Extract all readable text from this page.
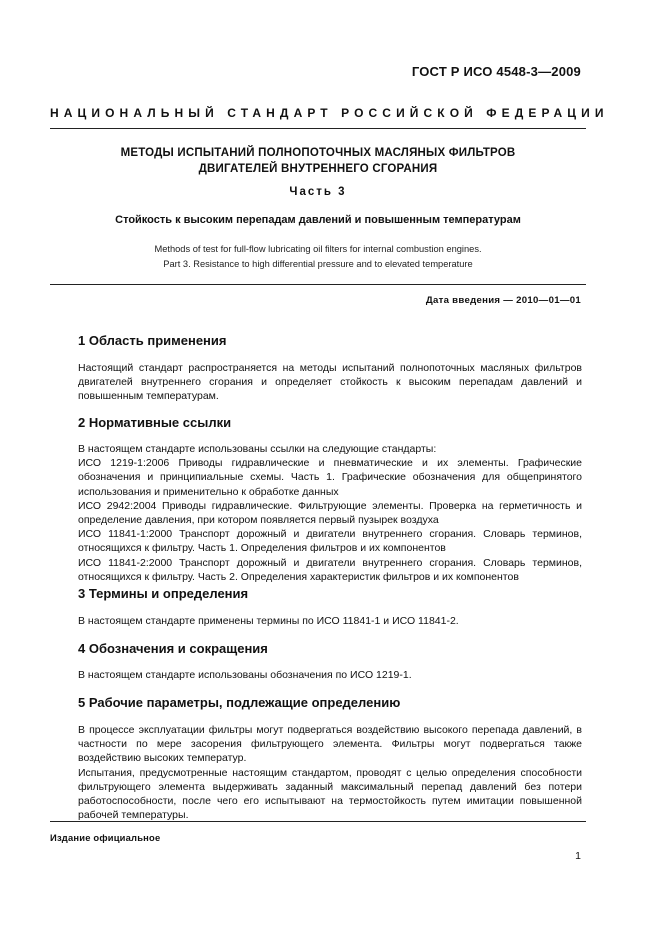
ГОСТ Р ИСО 4548-3—2009
НАЦИОНАЛЬНЫЙ СТАНДАРТ РОССИЙСКОЙ ФЕДЕРАЦИИ
МЕТОДЫ ИСПЫТАНИЙ ПОЛНОПОТОЧНЫХ МАСЛЯНЫХ ФИЛЬТРОВ
ДВИГАТЕЛЕЙ ВНУТРЕННЕГО СГОРАНИЯ
Часть 3
Стойкость к высоким перепадам давлений и повышенным температурам
Methods of test for full-flow lubricating oil filters for internal combustion engines.
Part 3. Resistance to high differential pressure and to elevated temperature
Дата введения — 2010—01—01
1 Область применения

Настоящий стандарт распространяется на методы испытаний полнопоточных масляных фильтров двигателей внутреннего сгорания и определяет стойкость к высоким перепадам давлений и повышенным температурам.

2 Нормативные ссылки

В настоящем стандарте использованы ссылки на следующие стандарты:

ИСО 1219-1:2006 Приводы гидравлические и пневматические и их элементы. Графические обозначения и принципиальные схемы. Часть 1. Графические обозначения для общепринятого использования и применительно к обработке данных

ИСО 2942:2004 Приводы гидравлические. Фильтрующие элементы. Проверка на герметичность и определение давления, при котором появляется первый пузырек воздуха

ИСО 11841-1:2000 Транспорт дорожный и двигатели внутреннего сгорания. Словарь терминов, относящихся к фильтру. Часть 1. Определения фильтров и их компонентов

ИСО 11841-2:2000 Транспорт дорожный и двигатели внутреннего сгорания. Словарь терминов, относящихся к фильтру. Часть 2. Определения характеристик фильтров и их компонентов

3 Термины и определения

В настоящем стандарте применены термины по ИСО 11841-1 и ИСО 11841-2.

4 Обозначения и сокращения

В настоящем стандарте использованы обозначения по ИСО 1219-1.

5 Рабочие параметры, подлежащие определению

В процессе эксплуатации фильтры могут подвергаться воздействию высокого перепада давлений, в частности по мере засорения фильтрующего элемента. Фильтры могут подвергаться также воздействию высоких температур.

Испытания, предусмотренные настоящим стандартом, проводят с целью определения способности фильтрующего элемента выдерживать заданный максимальный перепад давлений без потери работоспособности, после чего его испытывают на термостойкость путем имитации повышенной рабочей температуры.

Издание официальное
1
